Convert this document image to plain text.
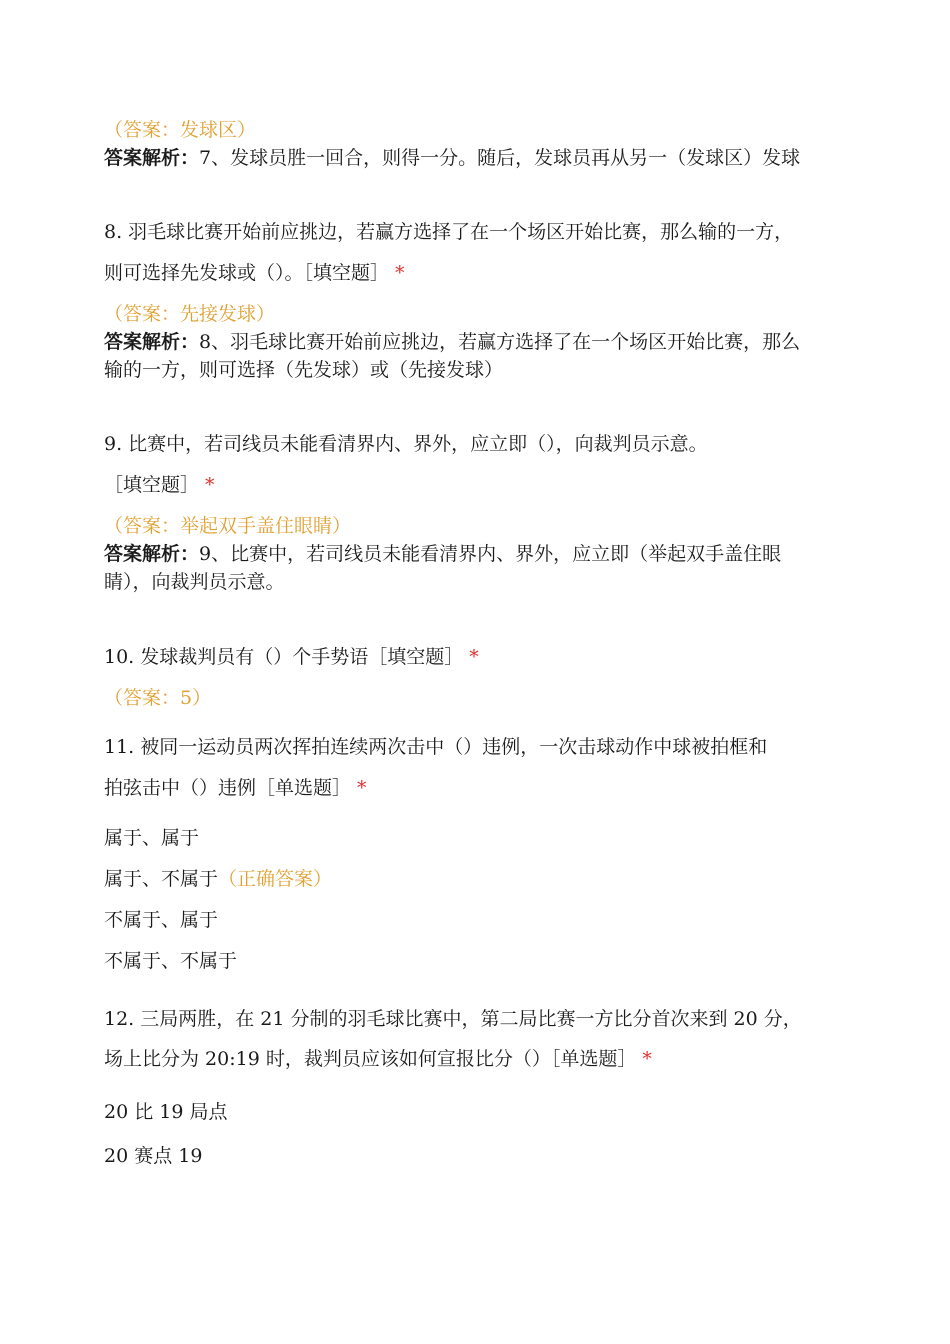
（答案：发球区）
答案解析：7、发球员胜一回合，则得一分。随后，发球员再从另一（发球区）发球
8. 羽毛球比赛开始前应挑边，若赢方选择了在一个场区开始比赛，那么输的一方，
则可选择先发球或（）。［填空题］ *
（答案：先接发球）
答案解析：8、羽毛球比赛开始前应挑边，若赢方选择了在一个场区开始比赛，那么
输的一方，则可选择（先发球）或（先接发球）
9. 比赛中，若司线员未能看清界内、界外，应立即（），向裁判员示意。
［填空题］ *
（答案：举起双手盖住眼睛）
答案解析：9、比赛中，若司线员未能看清界内、界外，应立即（举起双手盖住眼
睛），向裁判员示意。
10. 发球裁判员有（）个手势语［填空题］ *
（答案：5）
11. 被同一运动员两次挥拍连续两次击中（）违例，一次击球动作中球被拍框和
拍弦击中（）违例［单选题］ *
属于、属于
属于、不属于（正确答案）
不属于、属于
不属于、不属于
12. 三局两胜，在 21 分制的羽毛球比赛中，第二局比赛一方比分首次来到 20 分，
场上比分为 20:19 时，裁判员应该如何宣报比分（）［单选题］ *
20 比 19 局点
20 赛点 19
